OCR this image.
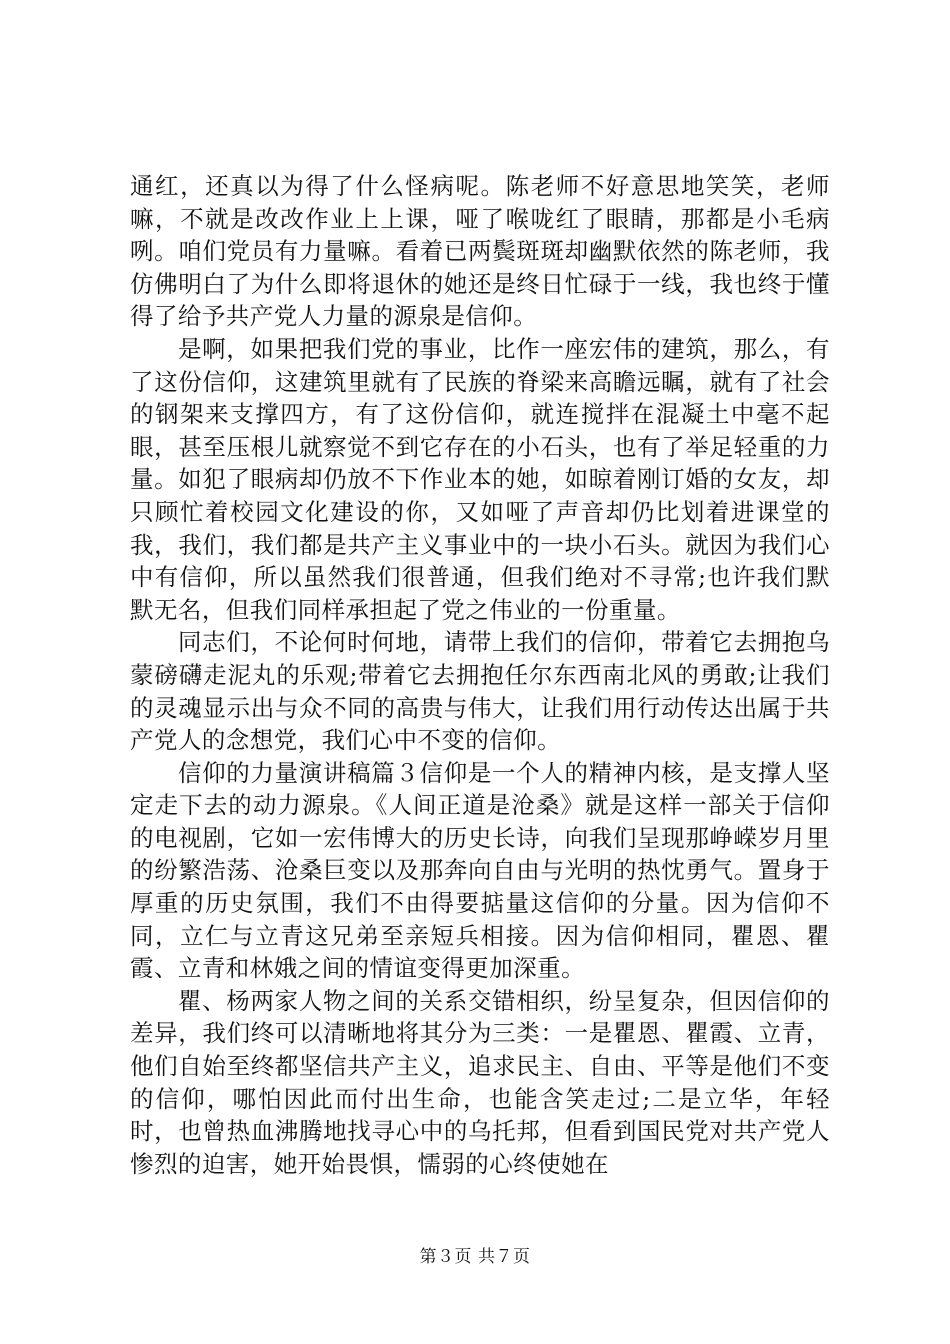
通红，还真以为得了什么怪病呢。陈老师不好意思地笑笑，老师嘛，不就是改改作业上上课，哑了喉咙红了眼睛，那都是小毛病咧。咱们党员有力量嘛。看着已两鬓斑斑却幽默依然的陈老师，我仿佛明白了为什么即将退休的她还是终日忙碌于一线，我也终于懂得了给予共产党人力量的源泉是信仰。

是啊，如果把我们党的事业，比作一座宏伟的建筑，那么，有了这份信仰，这建筑里就有了民族的脊梁来高瞻远瞩，就有了社会的钢架来支撑四方，有了这份信仰，就连搅拌在混凝土中毫不起眼，甚至压根儿就察觉不到它存在的小石头，也有了举足轻重的力量。如犯了眼病却仍放不下作业本的她，如晾着刚订婚的女友，却只顾忙着校园文化建设的你，又如哑了声音却仍比划着进课堂的我，我们，我们都是共产主义事业中的一块小石头。就因为我们心中有信仰，所以虽然我们很普通，但我们绝对不寻常;也许我们默默无名，但我们同样承担起了党之伟业的一份重量。

同志们，不论何时何地，请带上我们的信仰，带着它去拥抱乌蒙磅礴走泥丸的乐观;带着它去拥抱任尔东西南北风的勇敢;让我们的灵魂显示出与众不同的高贵与伟大，让我们用行动传达出属于共产党人的念想党，我们心中不变的信仰。

信仰的力量演讲稿篇３信仰是一个人的精神内核，是支撑人坚定走下去的动力源泉。《人间正道是沧桑》就是这样一部关于信仰的电视剧，它如一宏伟博大的历史长诗，向我们呈现那峥嵘岁月里的纷繁浩荡、沧桑巨变以及那奔向自由与光明的热忱勇气。置身于厚重的历史氛围，我们不由得要掂量这信仰的分量。因为信仰不同，立仁与立青这兄弟至亲短兵相接。因为信仰相同，瞿恩、瞿霞、立青和林娥之间的情谊变得更加深重。

瞿、杨两家人物之间的关系交错相织，纷呈复杂，但因信仰的差异，我们终可以清晰地将其分为三类：一是瞿恩、瞿霞、立青，他们自始至终都坚信共产主义，追求民主、自由、平等是他们不变的信仰，哪怕因此而付出生命，也能含笑走过;二是立华，年轻时，也曾热血沸腾地找寻心中的乌托邦，但看到国民党对共产党人惨烈的迫害，她开始畏惧，懦弱的心终使她在

第３页 共７页
